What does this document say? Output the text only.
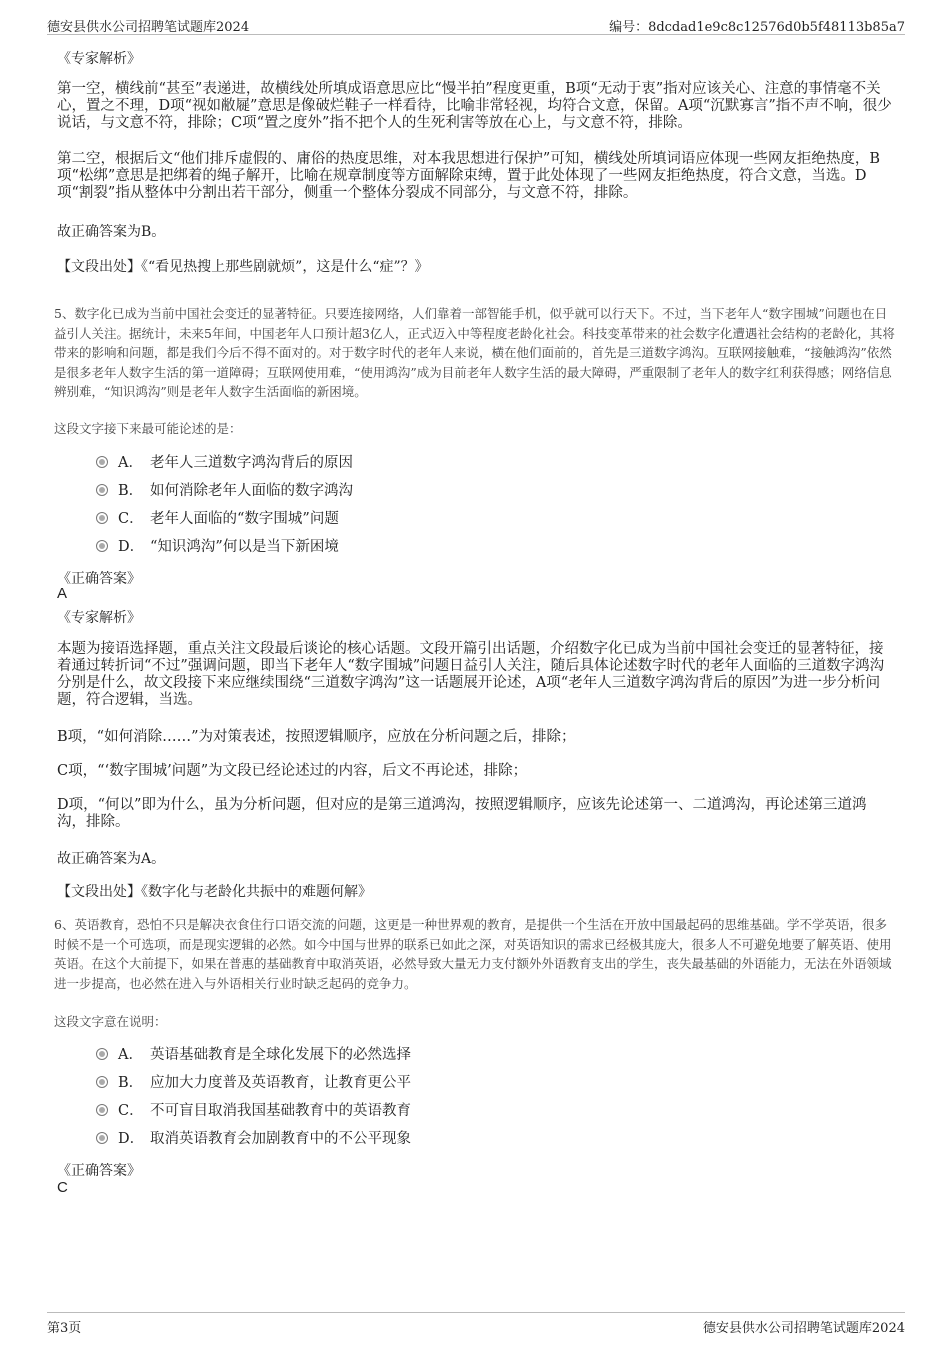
德安县供水公司招聘笔试题库2024	编号：8dcdad1e9c8c12576d0b5f48113b85a7

《专家解析》

第一空，横线前“甚至”表递进，故横线处所填成语意思应比“慢半拍”程度更重，B项“无动于衷”指对应该关心、注意的事情毫不关心，置之不理，D项“视如敝屣”意思是像破烂鞋子一样看待，比喻非常轻视，均符合文意，保留。A项“沉默寡言”指不声不响，很少说话，与文意不符，排除；C项“置之度外”指不把个人的生死利害等放在心上，与文意不符，排除。

第二空，根据后文“他们排斥虚假的、庸俗的热度思维，对本我思想进行保护”可知，横线处所填词语应体现一些网友拒绝热度，B项“松绑”意思是把绑着的绳子解开，比喻在规章制度等方面解除束缚，置于此处体现了一些网友拒绝热度，符合文意，当选。D项“割裂”指从整体中分割出若干部分，侧重一个整体分裂成不同部分，与文意不符，排除。

故正确答案为B。

【文段出处】《“看见热搜上那些剧就烦”，这是什么“症”？》

5、数字化已成为当前中国社会变迁的显著特征。只要连接网络，人们靠着一部智能手机，似乎就可以行天下。不过，当下老年人“数字围城”问题也在日益引人关注。据统计，未来5年间，中国老年人口预计超3亿人，正式迈入中等程度老龄化社会。科技变革带来的社会数字化遭遇社会结构的老龄化，其将带来的影响和问题，都是我们今后不得不面对的。对于数字时代的老年人来说，横在他们面前的，首先是三道数字鸿沟。互联网接触难，“接触鸿沟”依然是很多老年人数字生活的第一道障碍；互联网使用难，“使用鸿沟”成为目前老年人数字生活的最大障碍，严重限制了老年人的数字红利获得感；网络信息辨别难，“知识鸿沟”则是老年人数字生活面临的新困境。

这段文字接下来最可能论述的是：

A． 老年人三道数字鸿沟背后的原因
B． 如何消除老年人面临的数字鸿沟
C． 老年人面临的“数字围城”问题
D． “知识鸿沟”何以是当下新困境

《正确答案》

A

《专家解析》

本题为接语选择题，重点关注文段最后谈论的核心话题。文段开篇引出话题，介绍数字化已成为当前中国社会变迁的显著特征，接着通过转折词“不过”强调问题，即当下老年人“数字围城”问题日益引人关注，随后具体论述数字时代的老年人面临的三道数字鸿沟分别是什么，故文段接下来应继续围绕“三道数字鸿沟”这一话题展开论述，A项“老年人三道数字鸿沟背后的原因”为进一步分析问题，符合逻辑，当选。

B项，“如何消除……”为对策表述，按照逻辑顺序，应放在分析问题之后，排除；

C项，“‘数字围城’问题”为文段已经论述过的内容，后文不再论述，排除；

D项，“何以”即为什么，虽为分析问题，但对应的是第三道鸿沟，按照逻辑顺序，应该先论述第一、二道鸿沟，再论述第三道鸿沟，排除。

故正确答案为A。

【文段出处】《数字化与老龄化共振中的难题何解》

6、英语教育，恐怕不只是解决衣食住行口语交流的问题，这更是一种世界观的教育，是提供一个生活在开放中国最起码的思维基础。学不学英语，很多时候不是一个可选项，而是现实逻辑的必然。如今中国与世界的联系已如此之深，对英语知识的需求已经极其庞大，很多人不可避免地要了解英语、使用英语。在这个大前提下，如果在普惠的基础教育中取消英语，必然导致大量无力支付额外外语教育支出的学生，丧失最基础的外语能力，无法在外语领域进一步提高，也必然在进入与外语相关行业时缺乏起码的竞争力。

这段文字意在说明：

A． 英语基础教育是全球化发展下的必然选择
B． 应加大力度普及英语教育，让教育更公平
C． 不可盲目取消我国基础教育中的英语教育
D． 取消英语教育会加剧教育中的不公平现象

《正确答案》

C

第3页	德安县供水公司招聘笔试题库2024
